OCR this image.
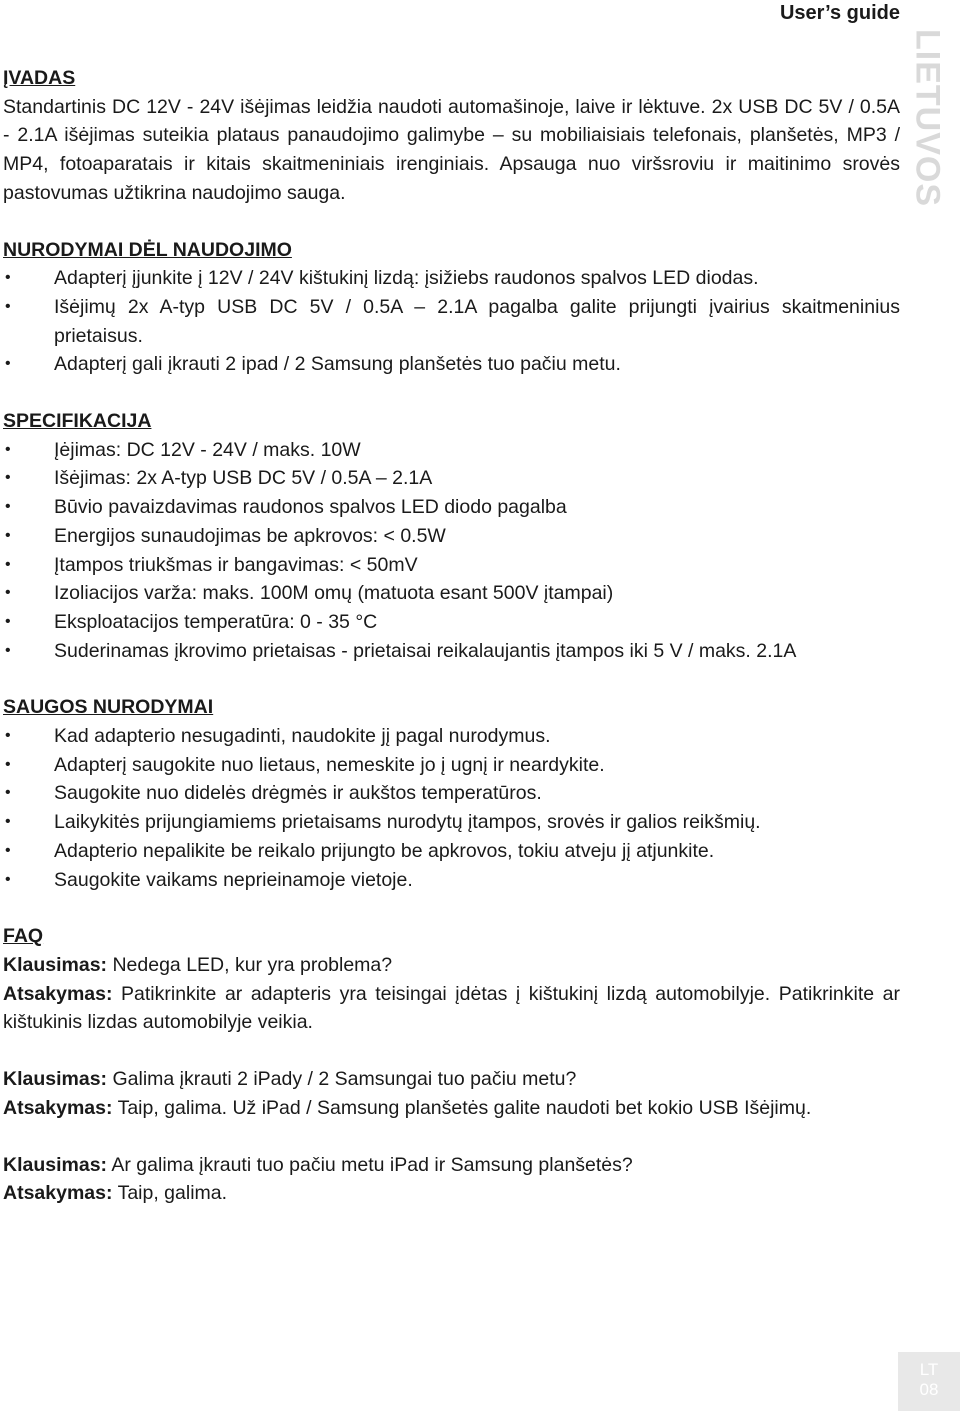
User’s guide
LIETUVOS
ĮVADAS

Standartinis DC 12V - 24V išėjimas leidžia naudoti automašinoje, laive ir lėktuve. 2x USB DC 5V / 0.5A - 2.1A išėjimas suteikia plataus panaudojimo galimybe – su mobiliaisiais telefonais, planšetės, MP3 / MP4, fotoaparatais ir kitais skaitmeniniais irenginiais. Apsauga nuo viršsroviu ir maitinimo srovės pastovumas užtikrina naudojimo sauga.

NURODYMAI DĖL NAUDOJIMO
• Adapterį įjunkite į 12V / 24V kištukinį lizdą: įsižiebs raudonos spalvos LED diodas.
• Išėjimų 2x A-typ USB DC 5V / 0.5A – 2.1A pagalba galite prijungti įvairius skaitmeninius prietaisus.
• Adapterį gali įkrauti 2 ipad / 2 Samsung planšetės tuo pačiu metu.
SPECIFIKACIJA
• Įėjimas: DC 12V - 24V / maks. 10W
• Išėjimas: 2x A-typ USB DC 5V / 0.5A – 2.1A
• Būvio pavaizdavimas raudonos spalvos LED diodo pagalba
• Energijos sunaudojimas be apkrovos: < 0.5W
• Įtampos triukšmas ir bangavimas: < 50mV
• Izoliacijos varža: maks. 100M omų (matuota esant 500V įtampai)
• Eksploatacijos temperatūra: 0 - 35 °C
• Suderinamas įkrovimo prietaisas - prietaisai reikalaujantis įtampos iki 5 V / maks. 2.1A
SAUGOS NURODYMAI
• Kad adapterio nesugadinti, naudokite jį pagal nurodymus.
• Adapterį saugokite nuo lietaus, nemeskite jo į ugnį ir neardykite.
• Saugokite nuo didelės drėgmės ir aukštos temperatūros.
• Laikykitės prijungiamiems prietaisams nurodytų įtampos, srovės ir galios reikšmių.
• Adapterio nepalikite be reikalo prijungto be apkrovos, tokiu atveju jį atjunkite.
• Saugokite vaikams neprieinamoje vietoje.
FAQ

Klausimas: Nedega LED, kur yra problema?

Atsakymas: Patikrinkite ar adapteris yra teisingai įdėtas į kištukinį lizdą automobilyje. Patikrinkite ar kištukinis lizdas automobilyje veikia.

Klausimas: Galima įkrauti 2 iPady / 2 Samsungai tuo pačiu metu?

Atsakymas: Taip, galima. Už iPad / Samsung planšetės galite naudoti bet kokio USB Išėjimų.

Klausimas: Ar galima įkrauti tuo pačiu metu iPad ir Samsung planšetės?

Atsakymas: Taip, galima.

LT
08
